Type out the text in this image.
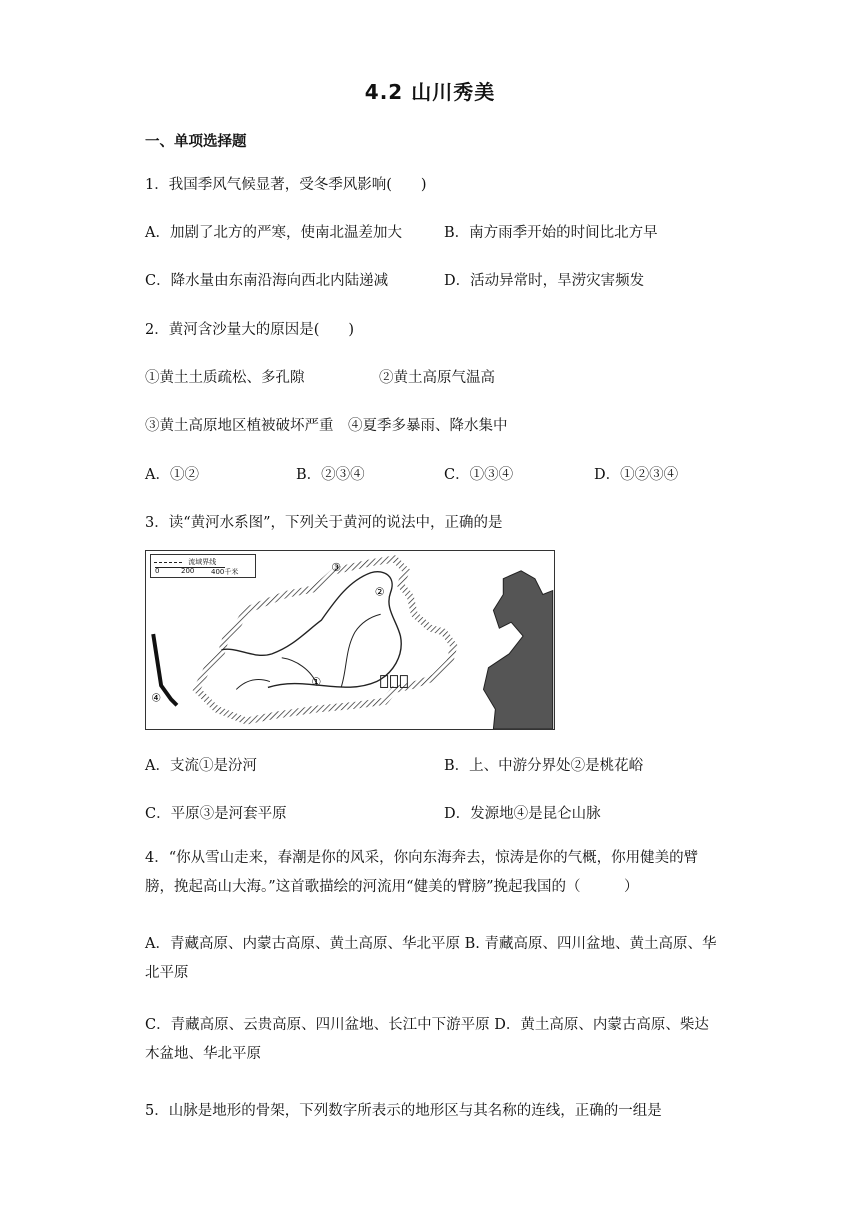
4.2 山川秀美
一、单项选择题
1．我国季风气候显著，受冬季风影响(　　)
A．加剧了北方的严寒，使南北温差加大	B．南方雨季开始的时间比北方早
C．降水量由东南沿海向西北内陆递减	D．活动异常时，旱涝灾害频发
2．黄河含沙量大的原因是(　　)
①黄土土质疏松、多孔隙	②黄土高原气温高
③黄土高原地区植被破坏严重　④夏季多暴雨、降水集中
A．①②	B．②③④	C．①③④	D．①②③④
3．读“黄河水系图”，下列关于黄河的说法中，正确的是
③
②
①
④
流域界线
0	200 400千米
A．支流①是汾河	B．上、中游分界处②是桃花峪
C．平原③是河套平原	D．发源地④是昆仑山脉
4．“你从雪山走来，春潮是你的风采，你向东海奔去，惊涛是你的气概，你用健美的臂膀，挽起高山大海。”这首歌描绘的河流用“健美的臂膀”挽起我国的（　　　）
A．青藏高原、内蒙古高原、黄土高原、华北平原 B. 青藏高原、四川盆地、黄土高原、华北平原
C．青藏高原、云贵高原、四川盆地、长江中下游平原 D．黄土高原、内蒙古高原、柴达木盆地、华北平原
5．山脉是地形的骨架，下列数字所表示的地形区与其名称的连线，正确的一组是
